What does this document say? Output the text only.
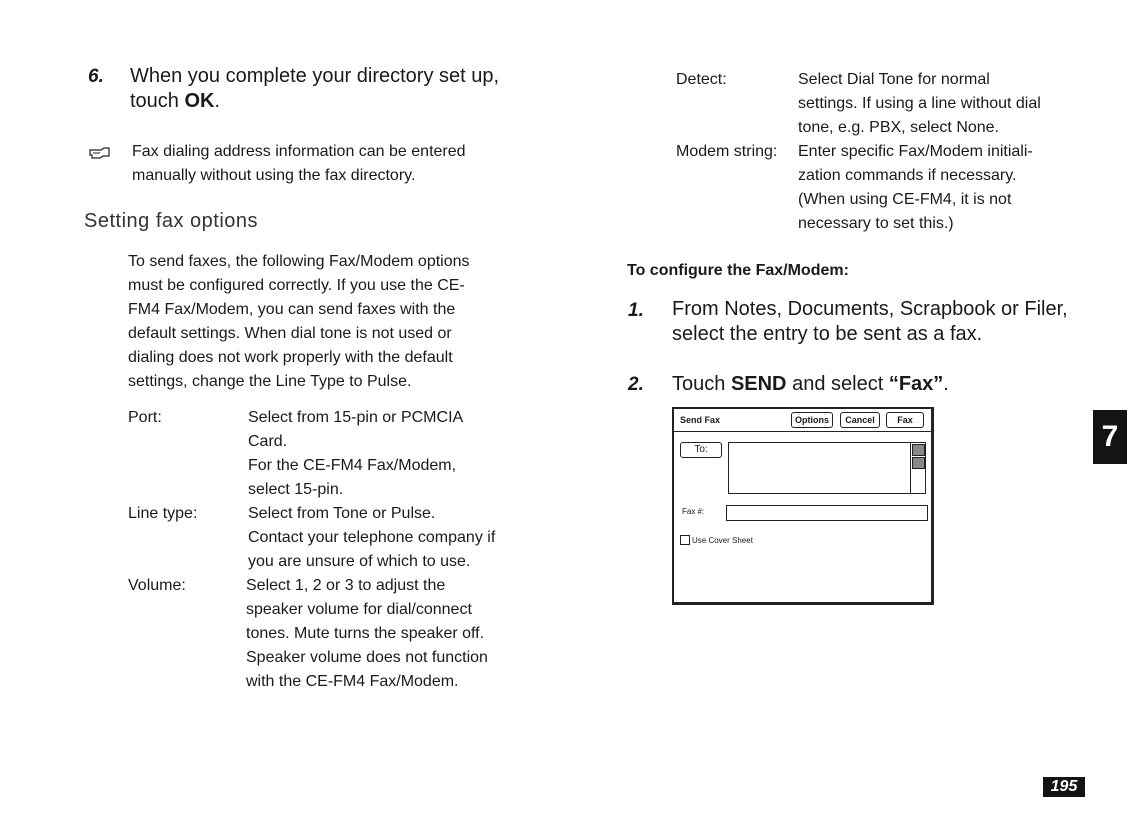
6. When you complete your directory set up,
touch OK.
Fax dialing address information can be entered
manually without using the fax directory.
Setting fax options
To send faxes, the following Fax/Modem options
must be configured correctly. If you use the CE-
FM4 Fax/Modem, you can send faxes with the
default settings. When dial tone is not used or
dialing does not work properly with the default
settings, change the Line Type to Pulse.
Port:	Select from 15-pin or PCMCIA
Card.
For the CE-FM4 Fax/Modem,
select 15-pin.
Line type:	Select from Tone or Pulse.
Contact your telephone company if
you are unsure of which to use.
Volume:	Select 1, 2 or 3 to adjust the
speaker volume for dial/connect
tones. Mute turns the speaker off.
Speaker volume does not function
with the CE-FM4 Fax/Modem.
Detect:	Select Dial Tone for normal
settings. If using a line without dial
tone, e.g. PBX, select None.
Modem string: Enter specific Fax/Modem initiali-
zation commands if necessary.
(When using CE-FM4, it is not
necessary to set this.)
To configure the Fax/Modem:
1. From Notes, Documents, Scrapbook or Filer,
select the entry to be sent as a fax.
2. Touch SEND and select “Fax”.
Send Fax	Options	Cancel	Fax
To:
Fax #:
Use Cover Sheet
7
195
